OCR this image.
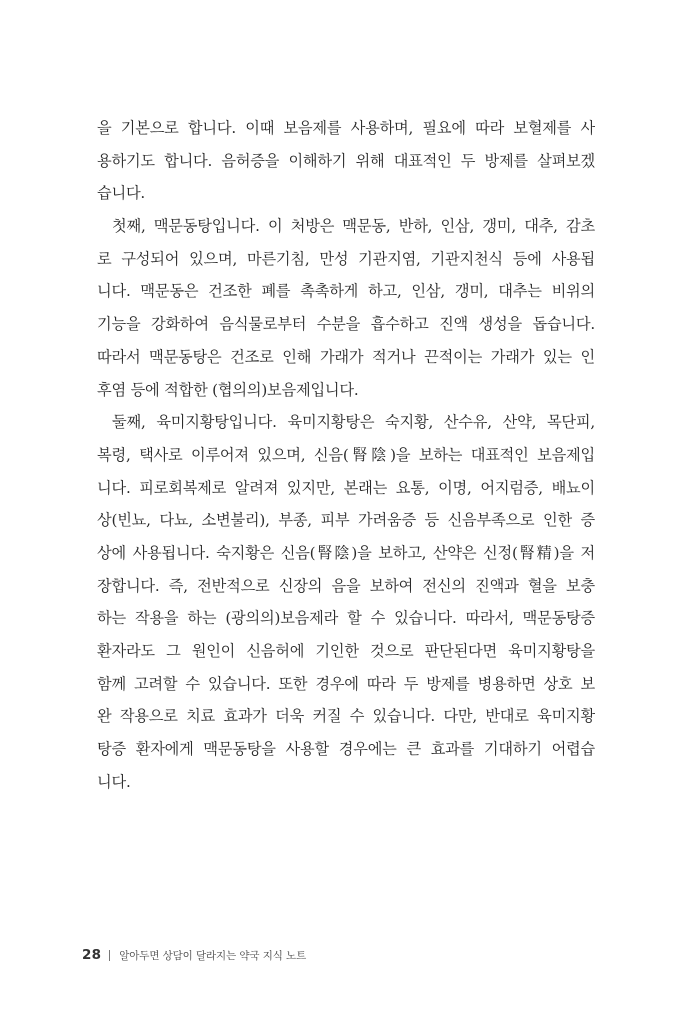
을 기본으로 합니다. 이때 보음제를 사용하며, 필요에 따라 보혈제를 사
용하기도 합니다. 음허증을 이해하기 위해 대표적인 두 방제를 살펴보겠
습니다.
첫째, 맥문동탕입니다. 이 처방은 맥문동, 반하, 인삼, 갱미, 대추, 감초
로 구성되어 있으며, 마른기침, 만성 기관지염, 기관지천식 등에 사용됩
니다. 맥문동은 건조한 폐를 촉촉하게 하고, 인삼, 갱미, 대추는 비위의
기능을 강화하여 음식물로부터 수분을 흡수하고 진액 생성을 돕습니다.
따라서 맥문동탕은 건조로 인해 가래가 적거나 끈적이는 가래가 있는 인
후염 등에 적합한 (협의의)보음제입니다.
둘째, 육미지황탕입니다. 육미지황탕은 숙지황, 산수유, 산약, 목단피,
복령, 택사로 이루어져 있으며, 신음(腎陰)을 보하는 대표적인 보음제입
니다. 피로회복제로 알려져 있지만, 본래는 요통, 이명, 어지럼증, 배뇨이
상(빈뇨, 다뇨, 소변불리), 부종, 피부 가려움증 등 신음부족으로 인한 증
상에 사용됩니다. 숙지황은 신음(腎陰)을 보하고, 산약은 신정(腎精)을 저
장합니다. 즉, 전반적으로 신장의 음을 보하여 전신의 진액과 혈을 보충
하는 작용을 하는 (광의의)보음제라 할 수 있습니다. 따라서, 맥문동탕증
환자라도 그 원인이 신음허에 기인한 것으로 판단된다면 육미지황탕을
함께 고려할 수 있습니다. 또한 경우에 따라 두 방제를 병용하면 상호 보
완 작용으로 치료 효과가 더욱 커질 수 있습니다. 다만, 반대로 육미지황
탕증 환자에게 맥문동탕을 사용할 경우에는 큰 효과를 기대하기 어렵습
니다.
28 알아두면 상담이 달라지는 약국 지식 노트
